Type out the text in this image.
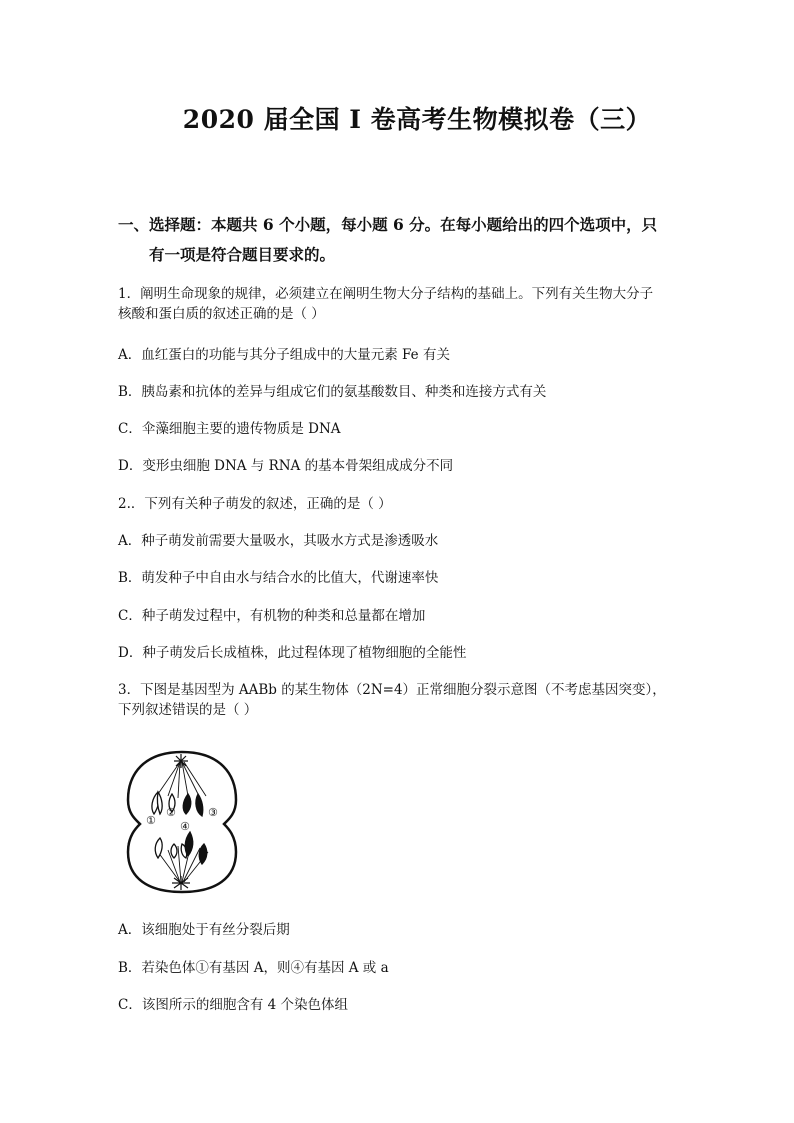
2020 届全国 I 卷高考生物模拟卷（三）
一、选择题：本题共 6 个小题，每小题 6 分。在每小题给出的四个选项中，只
有一项是符合题目要求的。
1．阐明生命现象的规律，必须建立在阐明生物大分子结构的基础上。下列有关生物大分子
核酸和蛋白质的叙述正确的是（ ）
A．血红蛋白的功能与其分子组成中的大量元素 Fe 有关
B．胰岛素和抗体的差异与组成它们的氨基酸数目、种类和连接方式有关
C．伞藻细胞主要的遗传物质是 DNA
D．变形虫细胞 DNA 与 RNA 的基本骨架组成成分不同
2.．下列有关种子萌发的叙述，正确的是（ ）
A．种子萌发前需要大量吸水，其吸水方式是渗透吸水
B．萌发种子中自由水与结合水的比值大，代谢速率快
C．种子萌发过程中，有机物的种类和总量都在增加
D．种子萌发后长成植株，此过程体现了植物细胞的全能性
3．下图是基因型为 AABb 的某生物体（2N=4）正常细胞分裂示意图（不考虑基因突变），
下列叙述错误的是（ ）
①
②	③
④
A．该细胞处于有丝分裂后期
B．若染色体①有基因 A，则④有基因 A 或 a
C．该图所示的细胞含有 4 个染色体组
